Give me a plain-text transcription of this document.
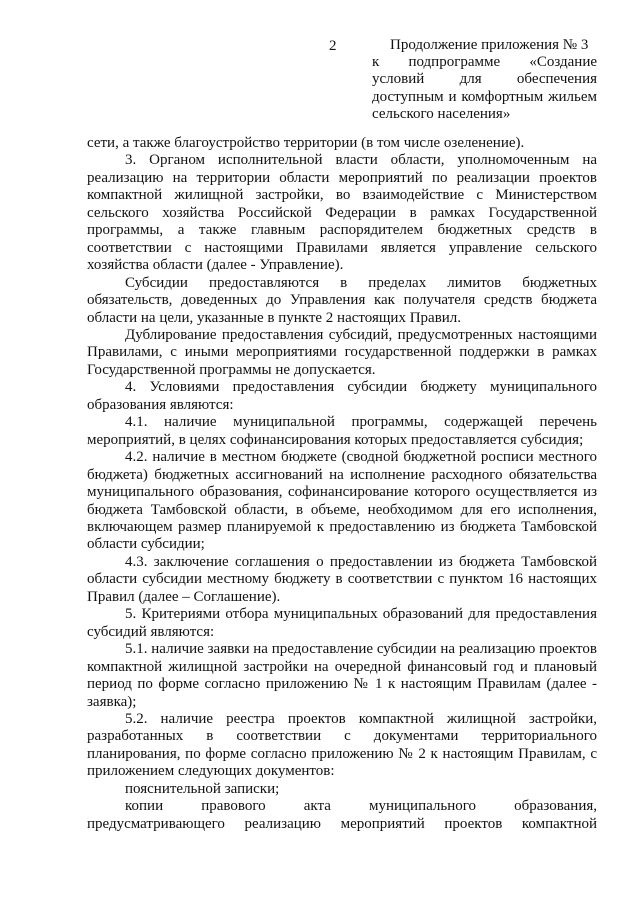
2	Продолжение приложения № 3
к подпрограмме «Создание
условий для обеспечения
доступным и комфортным жильем
сельского населения»

сети, а также благоустройство территории (в том числе озеленение).

3. Органом исполнительной власти области, уполномоченным на реализацию на территории области мероприятий по реализации проектов компактной жилищной застройки, во взаимодействие с Министерством сельского хозяйства Российской Федерации в рамках Государственной программы, а также главным распорядителем бюджетных средств в соответствии с настоящими Правилами является управление сельского хозяйства области (далее - Управление).

Субсидии предоставляются в пределах лимитов бюджетных обязательств, доведенных до Управления как получателя средств бюджета области на цели, указанные в пункте 2 настоящих Правил.

Дублирование предоставления субсидий, предусмотренных настоящими Правилами, с иными мероприятиями государственной поддержки в рамках Государственной программы не допускается.

4. Условиями предоставления субсидии бюджету муниципального образования являются:

4.1. наличие муниципальной программы, содержащей перечень мероприятий, в целях софинансирования которых предоставляется субсидия;

4.2. наличие в местном бюджете (сводной бюджетной росписи местного бюджета) бюджетных ассигнований на исполнение расходного обязательства муниципального образования, софинансирование которого осуществляется из бюджета Тамбовской области, в объеме, необходимом для его исполнения, включающем размер планируемой к предоставлению из бюджета Тамбовской области субсидии;

4.3. заключение соглашения о предоставлении из бюджета Тамбовской области субсидии местному бюджету в соответствии с пунктом 16 настоящих Правил (далее – Соглашение).

5. Критериями отбора муниципальных образований для предоставления субсидий являются:

5.1. наличие заявки на предоставление субсидии на реализацию проектов компактной жилищной застройки на очередной финансовый год и плановый период по форме согласно приложению № 1 к настоящим Правилам (далее - заявка);

5.2. наличие реестра проектов компактной жилищной застройки, разработанных в соответствии с документами территориального планирования, по форме согласно приложению № 2 к настоящим Правилам, с приложением следующих документов:

пояснительной записки;

копии правового акта муниципального образования, предусматривающего реализацию мероприятий проектов компактной
